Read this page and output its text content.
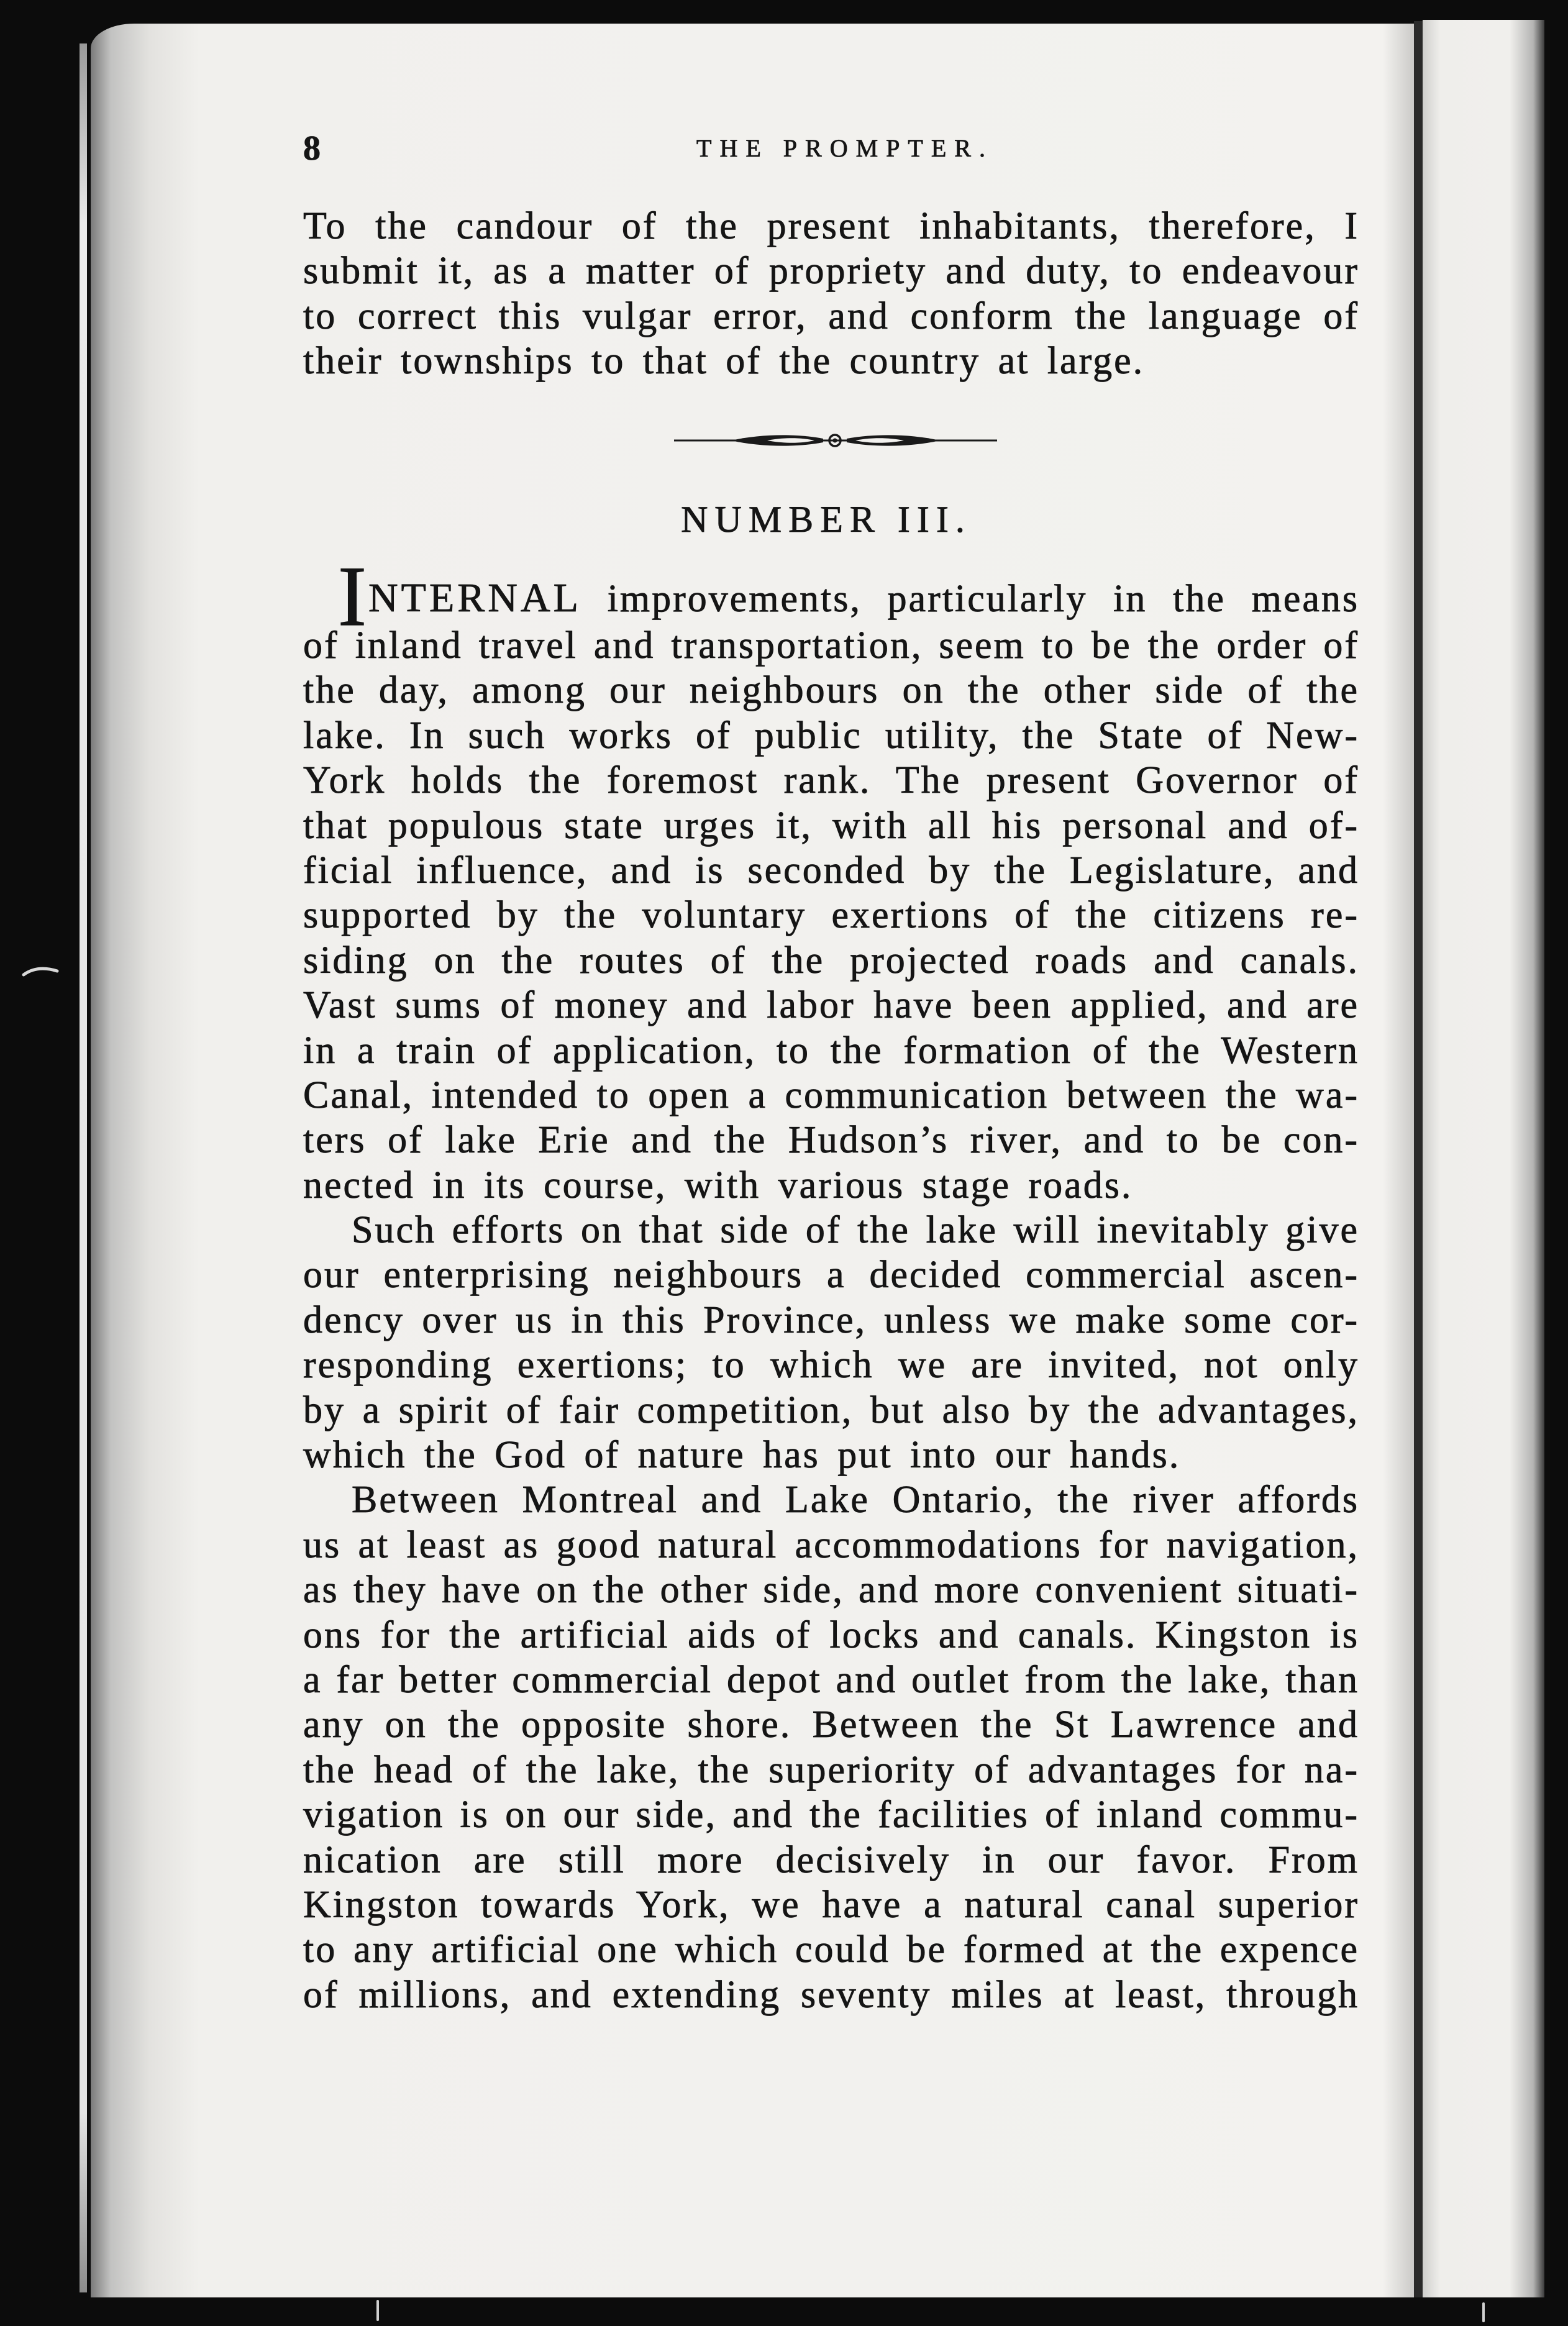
8	THE PROMPTER.
To the candour of the present inhabitants, therefore, I
submit it, as a matter of propriety and duty, to endeavour
to correct this vulgar error, and conform the language of
their townships to that of the country at large.
NUMBER III.
INTERNAL improvements, particularly in the means
of inland travel and transportation, seem to be the order of
the day, among our neighbours on the other side of the
lake. In such works of public utility, the State of New-
York holds the foremost rank. The present Governor of
that populous state urges it, with all his personal and of-
ficial influence, and is seconded by the Legislature, and
supported by the voluntary exertions of the citizens re-
siding on the routes of the projected roads and canals.
Vast sums of money and labor have been applied, and are
in a train of application, to the formation of the Western
Canal, intended to open a communication between the wa-
ters of lake Erie and the Hudson’s river, and to be con-
nected in its course, with various stage roads.
Such efforts on that side of the lake will inevitably give
our enterprising neighbours a decided commercial ascen-
dency over us in this Province, unless we make some cor-
responding exertions; to which we are invited, not only
by a spirit of fair competition, but also by the advantages,
which the God of nature has put into our hands.
Between Montreal and Lake Ontario, the river affords
us at least as good natural accommodations for navigation,
as they have on the other side, and more convenient situati-
ons for the artificial aids of locks and canals. Kingston is
a far better commercial depot and outlet from the lake, than
any on the opposite shore. Between the St Lawrence and
the head of the lake, the superiority of advantages for na-
vigation is on our side, and the facilities of inland commu-
nication are still more decisively in our favor. From
Kingston towards York, we have a natural canal superior
to any artificial one which could be formed at the expence
of millions, and extending seventy miles at least, through
